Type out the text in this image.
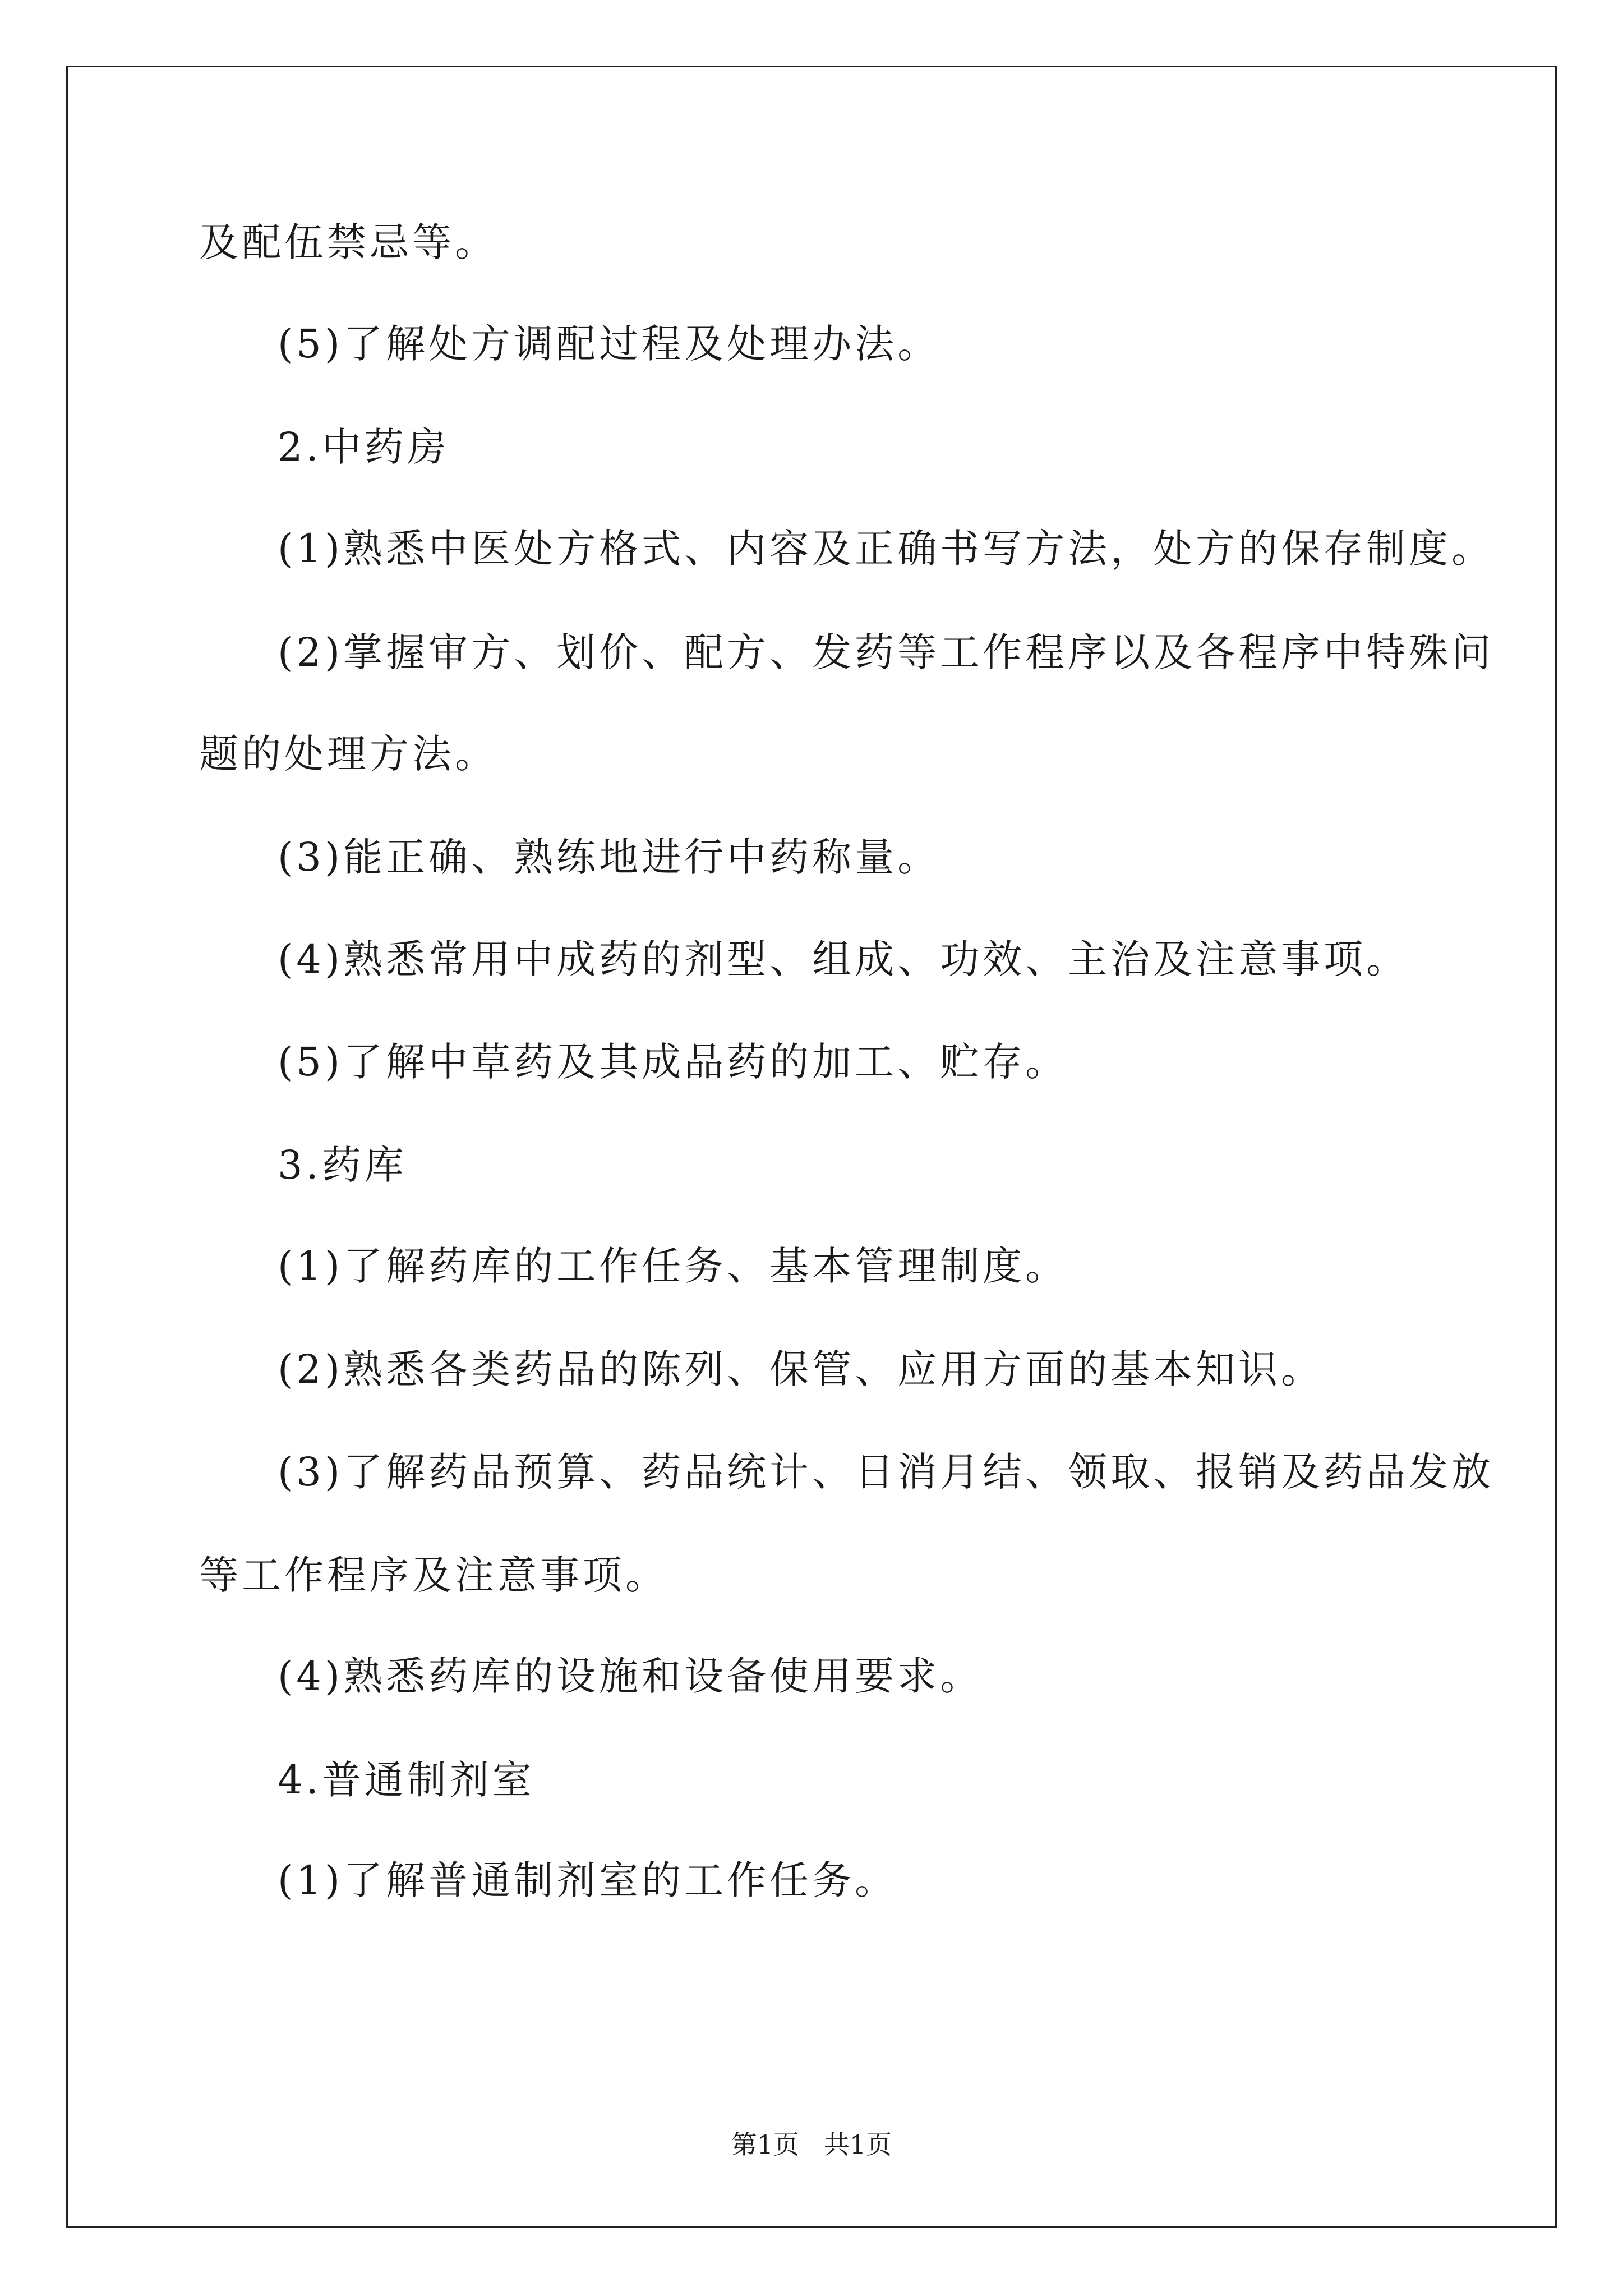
及配伍禁忌等。
(5)了解处方调配过程及处理办法。
2.中药房
(1)熟悉中医处方格式、内容及正确书写方法，处方的保存制度。
(2)掌握审方、划价、配方、发药等工作程序以及各程序中特殊问
题的处理方法。
(3)能正确、熟练地进行中药称量。
(4)熟悉常用中成药的剂型、组成、功效、主治及注意事项。
(5)了解中草药及其成品药的加工、贮存。
3.药库
(1)了解药库的工作任务、基本管理制度。
(2)熟悉各类药品的陈列、保管、应用方面的基本知识。
(3)了解药品预算、药品统计、日消月结、领取、报销及药品发放
等工作程序及注意事项。
(4)熟悉药库的设施和设备使用要求。
4.普通制剂室
(1)了解普通制剂室的工作任务。
第1页   共1页
